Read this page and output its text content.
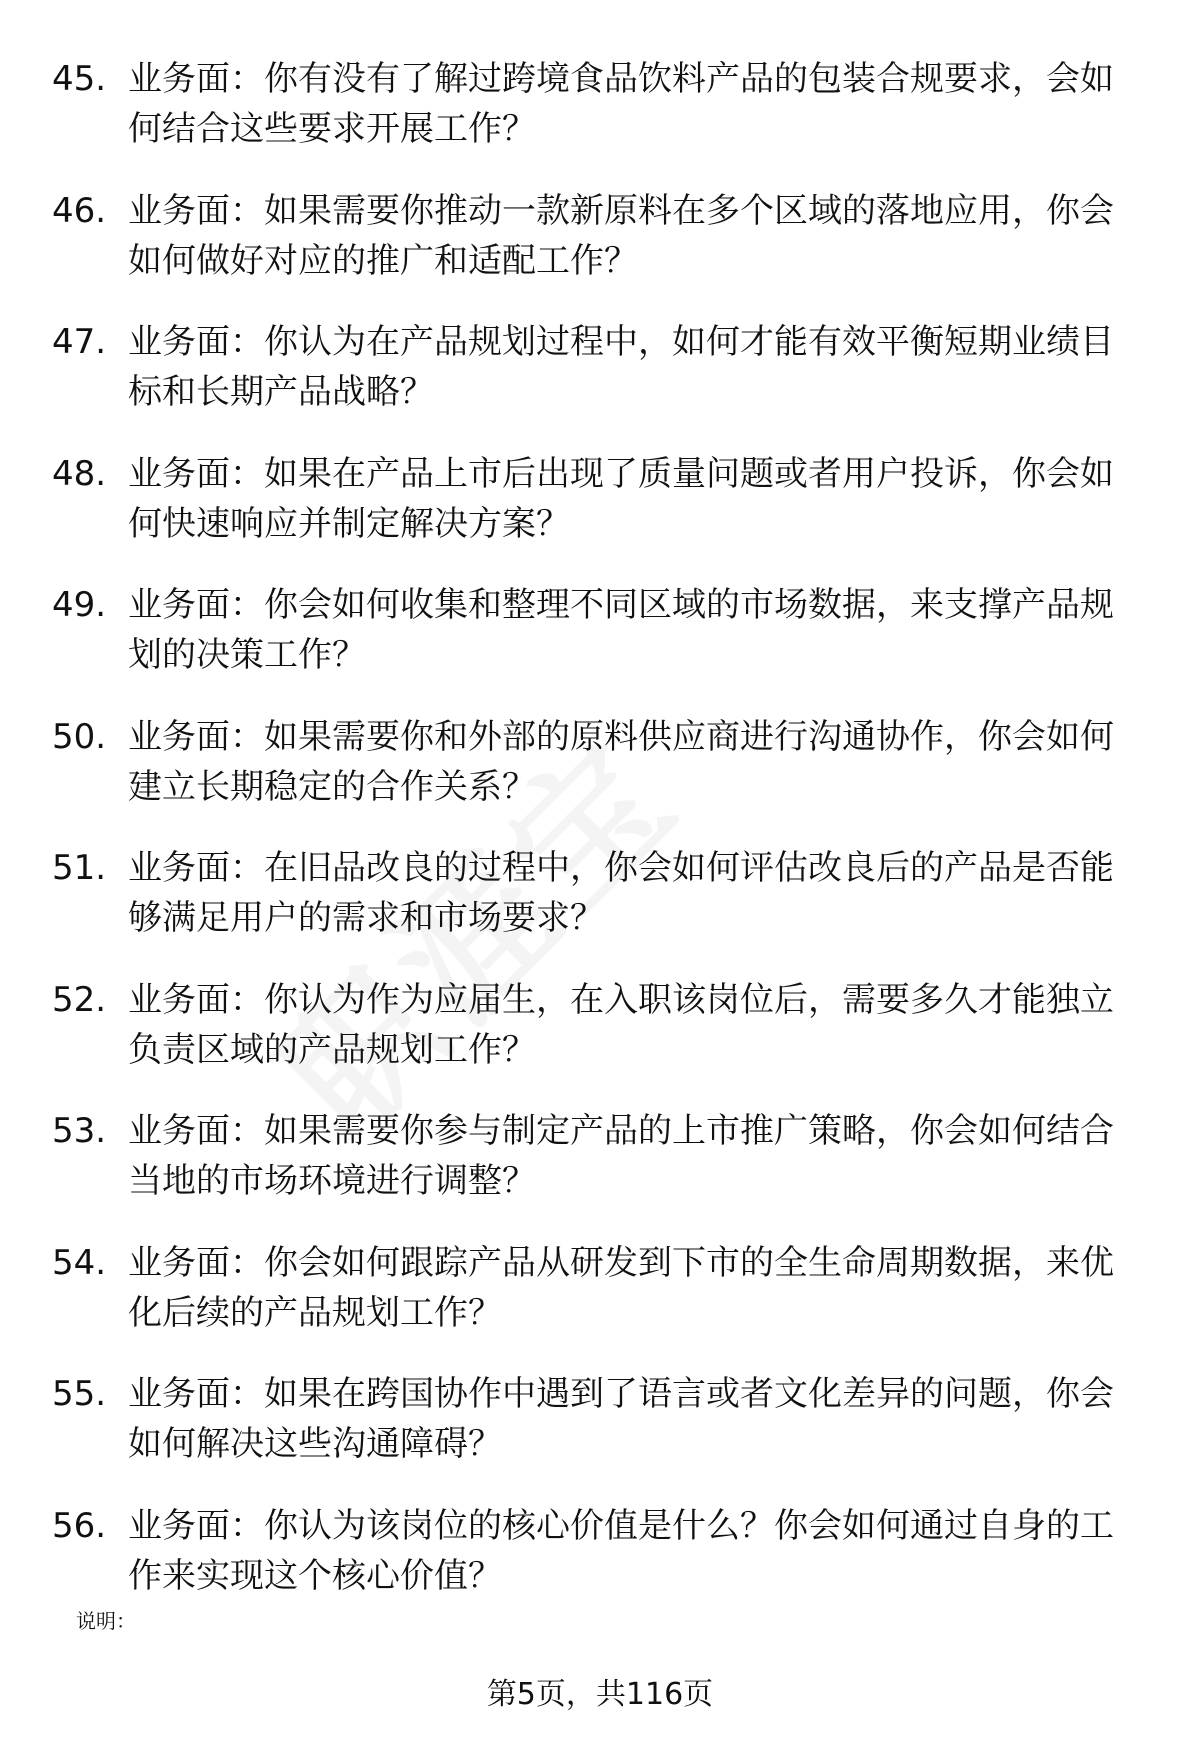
45. 业务面：你有没有了解过跨境食品饮料产品的包装合规要求，会如何结合这些要求开展工作？
46. 业务面：如果需要你推动一款新原料在多个区域的落地应用，你会如何做好对应的推广和适配工作？
47. 业务面：你认为在产品规划过程中，如何才能有效平衡短期业绩目标和长期产品战略？
48. 业务面：如果在产品上市后出现了质量问题或者用户投诉，你会如何快速响应并制定解决方案？
49. 业务面：你会如何收集和整理不同区域的市场数据，来支撑产品规划的决策工作？
50. 业务面：如果需要你和外部的原料供应商进行沟通协作，你会如何建立长期稳定的合作关系？
51. 业务面：在旧品改良的过程中，你会如何评估改良后的产品是否能够满足用户的需求和市场要求？
52. 业务面：你认为作为应届生，在入职该岗位后，需要多久才能独立负责区域的产品规划工作？
53. 业务面：如果需要你参与制定产品的上市推广策略，你会如何结合当地的市场环境进行调整？
54. 业务面：你会如何跟踪产品从研发到下市的全生命周期数据，来优化后续的产品规划工作？
55. 业务面：如果在跨国协作中遇到了语言或者文化差异的问题，你会如何解决这些沟通障碍？
56. 业务面：你认为该岗位的核心价值是什么？你会如何通过自身的工作来实现这个核心价值？
说明：
第5页，共116页
